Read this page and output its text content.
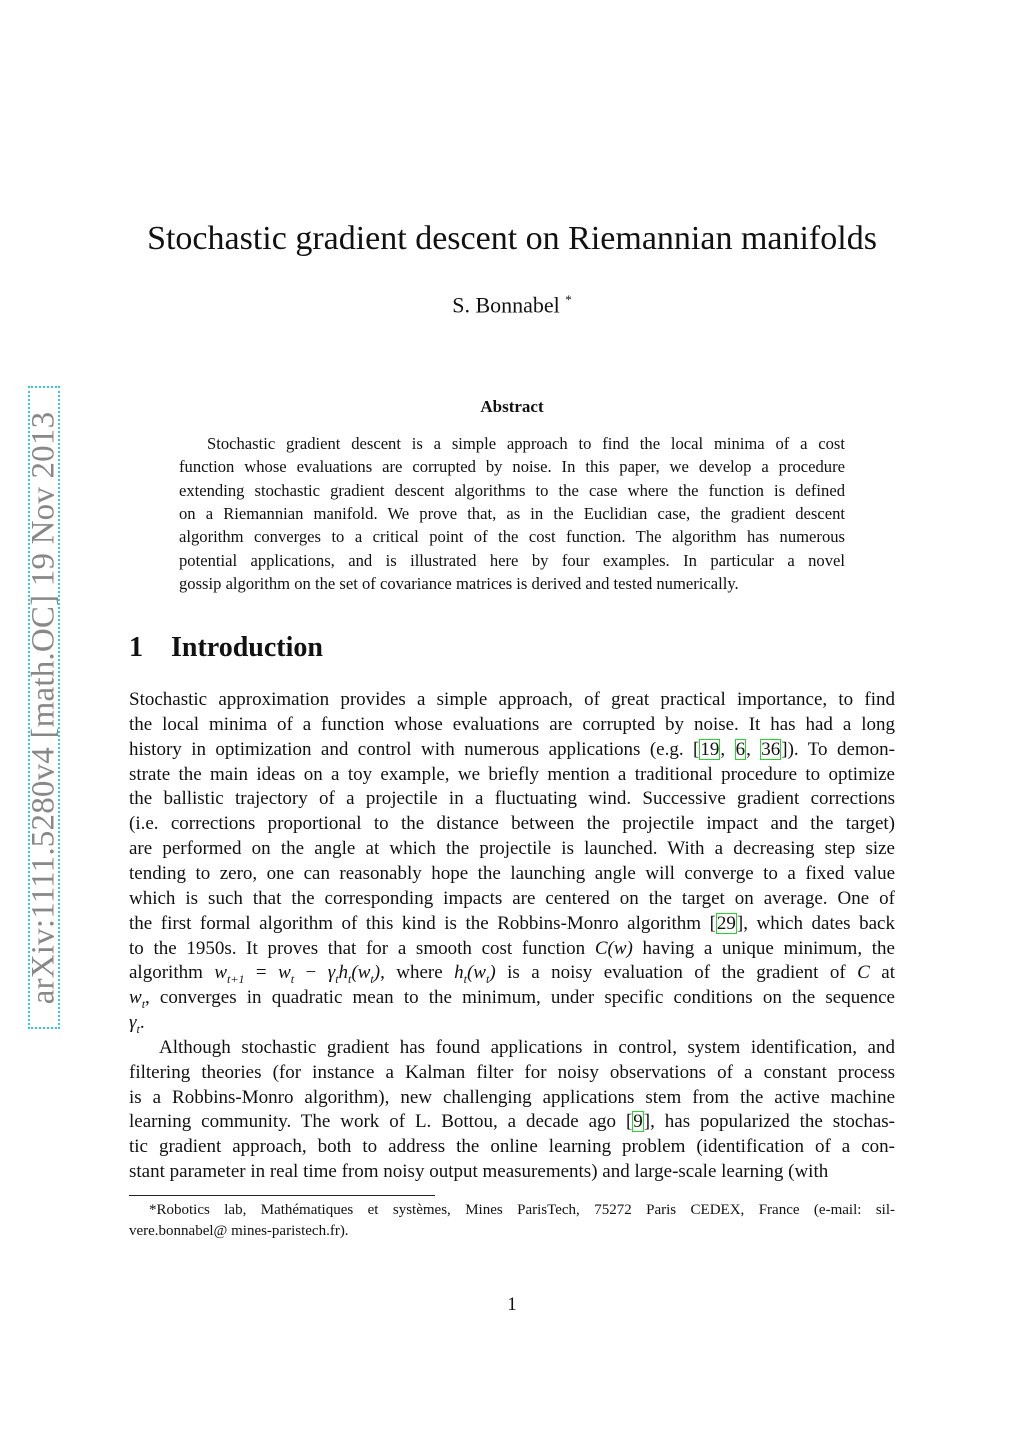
arXiv:1111.5280v4 [math.OC] 19 Nov 2013
Stochastic gradient descent on Riemannian manifolds
S. Bonnabel *
Abstract
Stochastic gradient descent is a simple approach to find the local minima of a cost
function whose evaluations are corrupted by noise. In this paper, we develop a procedure
extending stochastic gradient descent algorithms to the case where the function is defined
on a Riemannian manifold. We prove that, as in the Euclidian case, the gradient descent
algorithm converges to a critical point of the cost function. The algorithm has numerous
potential applications, and is illustrated here by four examples. In particular a novel
gossip algorithm on the set of covariance matrices is derived and tested numerically.
1 Introduction
Stochastic approximation provides a simple approach, of great practical importance, to find
the local minima of a function whose evaluations are corrupted by noise. It has had a long
history in optimization and control with numerous applications (e.g. [19, 6, 36]). To demon-
strate the main ideas on a toy example, we briefly mention a traditional procedure to optimize
the ballistic trajectory of a projectile in a fluctuating wind. Successive gradient corrections
(i.e. corrections proportional to the distance between the projectile impact and the target)
are performed on the angle at which the projectile is launched. With a decreasing step size
tending to zero, one can reasonably hope the launching angle will converge to a fixed value
which is such that the corresponding impacts are centered on the target on average. One of
the first formal algorithm of this kind is the Robbins-Monro algorithm [29], which dates back
to the 1950s. It proves that for a smooth cost function C(w) having a unique minimum, the
algorithm $w_{t+1} = w_t - \gamma_th_t(w_t)$, where $h_t(w_t)$ is a noisy evaluation of the gradient of C at
$w_t$, converges in quadratic mean to the minimum, under specific conditions on the sequence
$\gamma_t$.
Although stochastic gradient has found applications in control, system identification, and
filtering theories (for instance a Kalman filter for noisy observations of a constant process
is a Robbins-Monro algorithm), new challenging applications stem from the active machine
learning community. The work of L. Bottou, a decade ago [9], has popularized the stochas-
tic gradient approach, both to address the online learning problem (identification of a con-
stant parameter in real time from noisy output measurements) and large-scale learning (with
*Robotics lab, Mathématiques et systèmes, Mines ParisTech, 75272 Paris CEDEX, France (e-mail: sil-
vere.bonnabel@ mines-paristech.fr).
1
